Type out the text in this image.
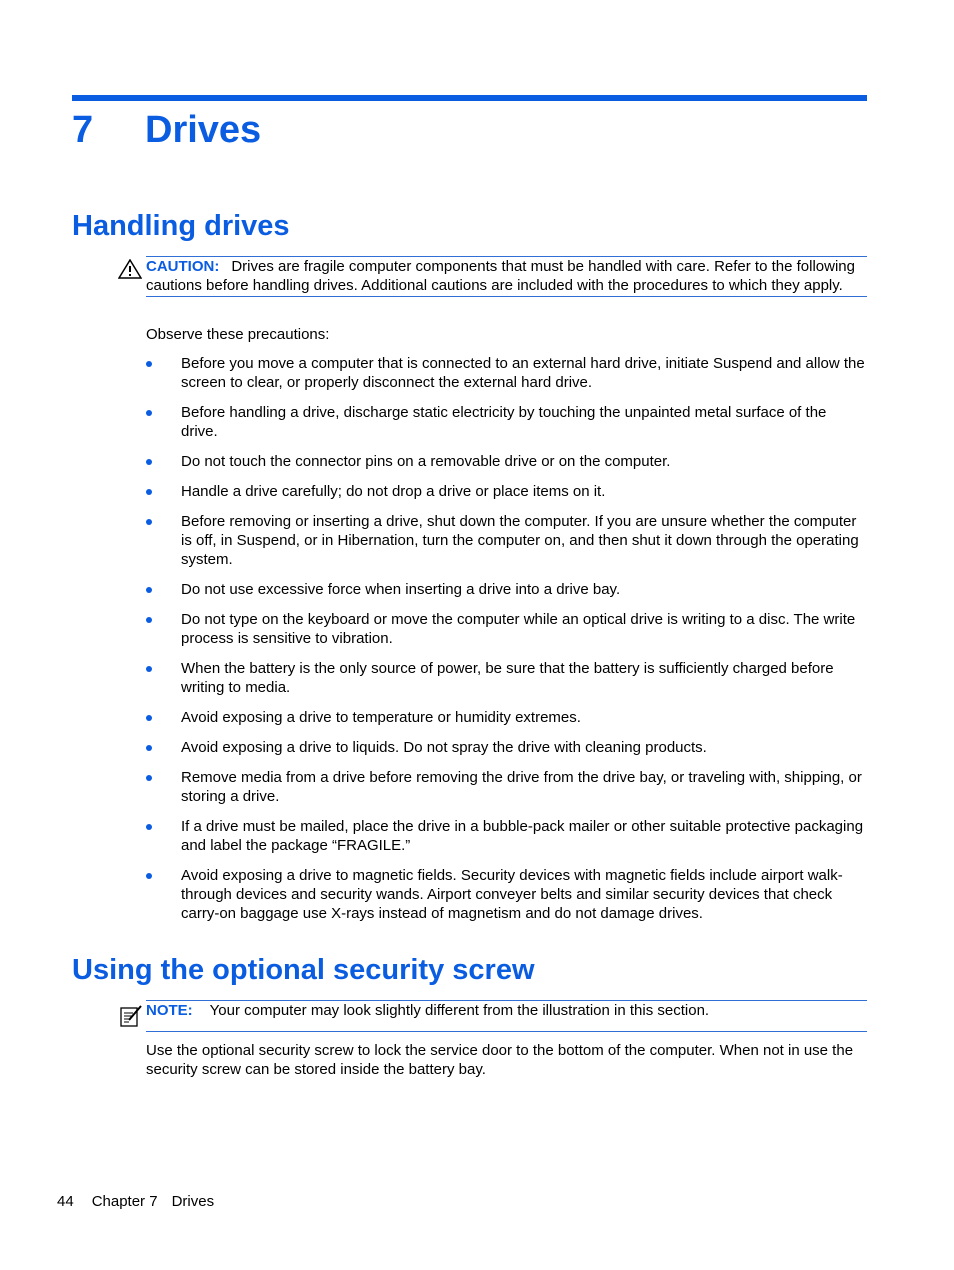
7 Drives
Handling drives
CAUTION: Drives are fragile computer components that must be handled with care. Refer to the following cautions before handling drives. Additional cautions are included with the procedures to which they apply.
Observe these precautions:
Before you move a computer that is connected to an external hard drive, initiate Suspend and allow the screen to clear, or properly disconnect the external hard drive.
Before handling a drive, discharge static electricity by touching the unpainted metal surface of the drive.
Do not touch the connector pins on a removable drive or on the computer.
Handle a drive carefully; do not drop a drive or place items on it.
Before removing or inserting a drive, shut down the computer. If you are unsure whether the computer is off, in Suspend, or in Hibernation, turn the computer on, and then shut it down through the operating system.
Do not use excessive force when inserting a drive into a drive bay.
Do not type on the keyboard or move the computer while an optical drive is writing to a disc. The write process is sensitive to vibration.
When the battery is the only source of power, be sure that the battery is sufficiently charged before writing to media.
Avoid exposing a drive to temperature or humidity extremes.
Avoid exposing a drive to liquids. Do not spray the drive with cleaning products.
Remove media from a drive before removing the drive from the drive bay, or traveling with, shipping, or storing a drive.
If a drive must be mailed, place the drive in a bubble-pack mailer or other suitable protective packaging and label the package “FRAGILE.”
Avoid exposing a drive to magnetic fields. Security devices with magnetic fields include airport walk-through devices and security wands. Airport conveyer belts and similar security devices that check carry-on baggage use X-rays instead of magnetism and do not damage drives.
Using the optional security screw
NOTE: Your computer may look slightly different from the illustration in this section.
Use the optional security screw to lock the service door to the bottom of the computer. When not in use the security screw can be stored inside the battery bay.
44 Chapter 7 Drives
